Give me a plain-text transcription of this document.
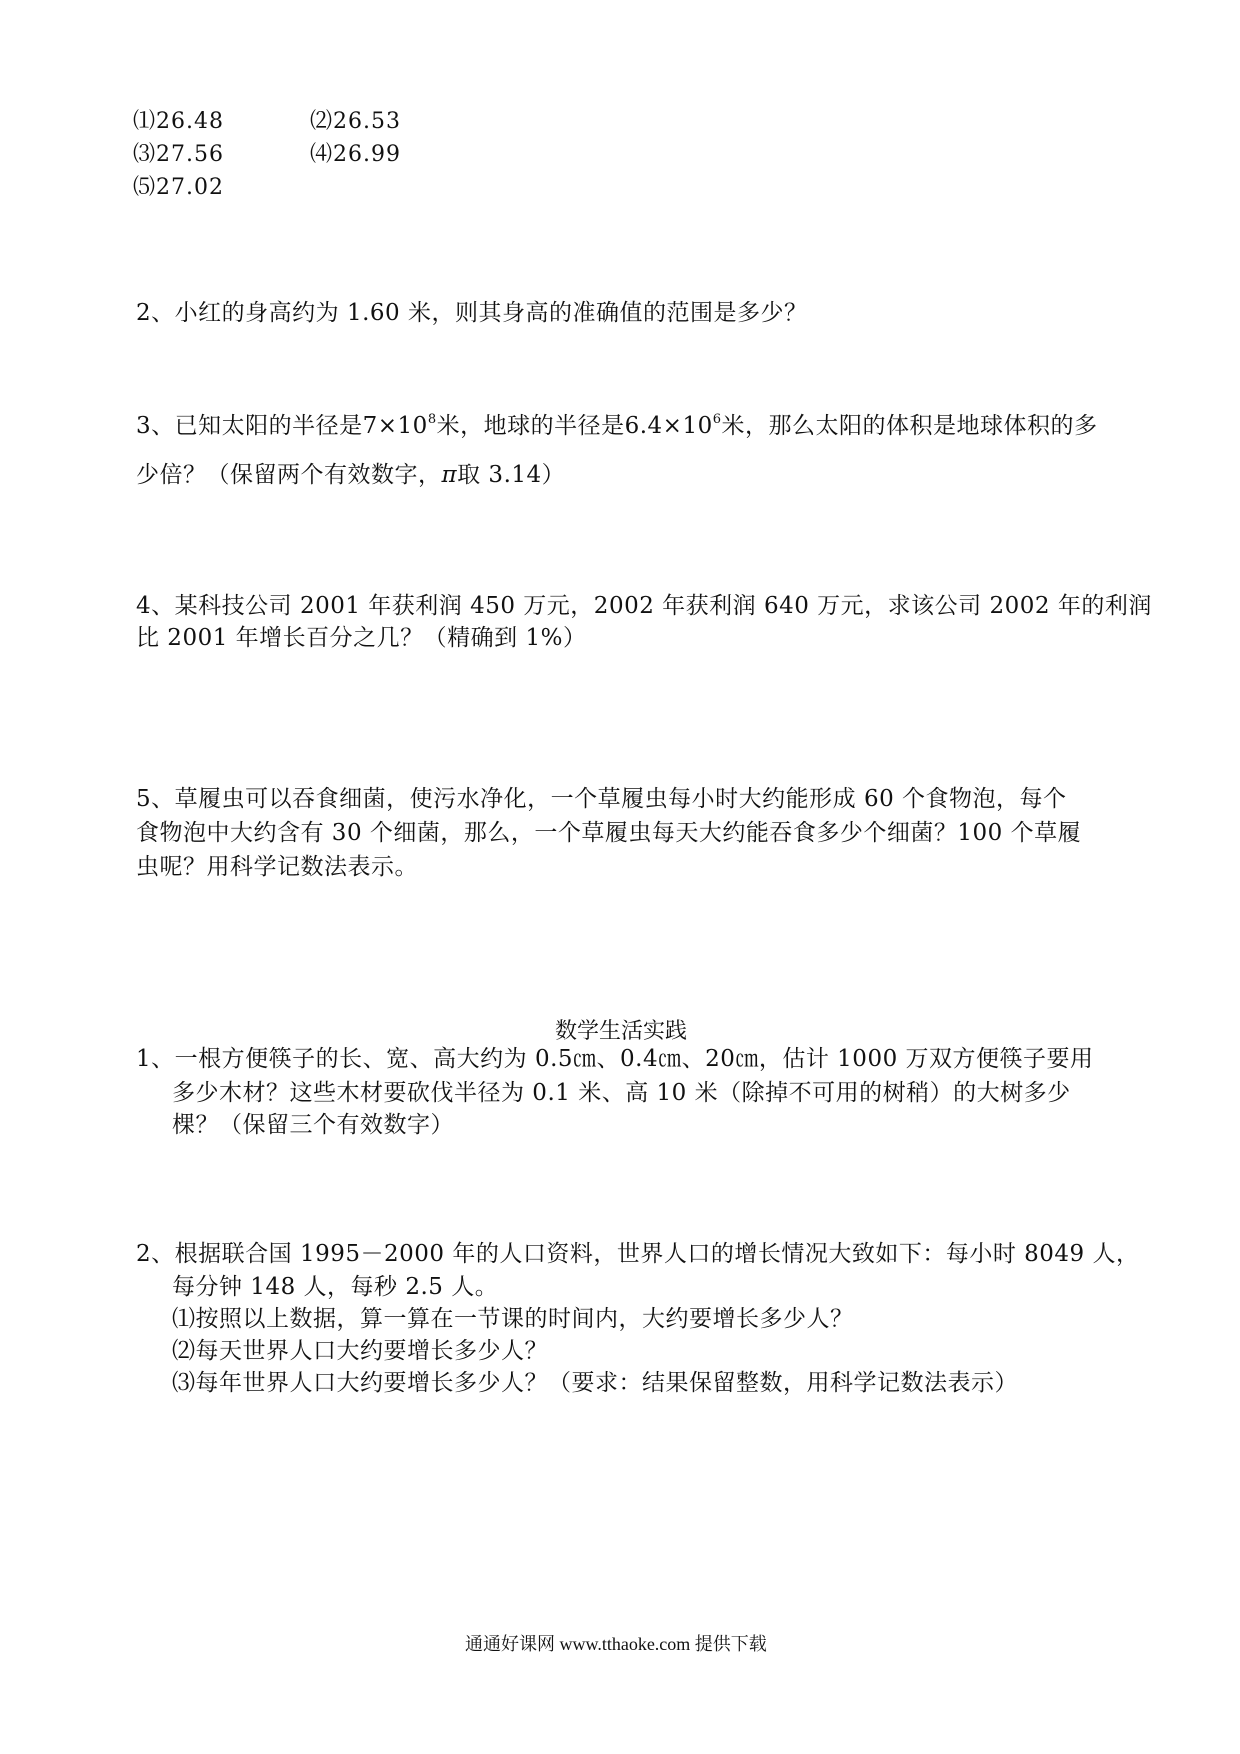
⑴26.48	⑵26.53
⑶27.56	⑷26.99
⑸27.02
2、小红的身高约为 1.60 米，则其身高的准确值的范围是多少？
3、已知太阳的半径是$7\times 10^8$米，地球的半径是$6.4\times 10^6$米，那么太阳的体积是地球体积的多
少倍？（保留两个有效数字，π取 3.14）
4、某科技公司 2001 年获利润 450 万元，2002 年获利润 640 万元，求该公司 2002 年的利润
比 2001 年增长百分之几？（精确到 1%）
5、草履虫可以吞食细菌，使污水净化，一个草履虫每小时大约能形成 60 个食物泡，每个
食物泡中大约含有 30 个细菌，那么，一个草履虫每天大约能吞食多少个细菌？100 个草履
虫呢？用科学记数法表示。
数学生活实践
1、一根方便筷子的长、宽、高大约为 0.5㎝、0.4㎝、20㎝，估计 1000 万双方便筷子要用
多少木材？这些木材要砍伐半径为 0.1 米、高 10 米（除掉不可用的树稍）的大树多少
棵？（保留三个有效数字）
2、根据联合国 1995－2000 年的人口资料，世界人口的增长情况大致如下：每小时 8049 人，
每分钟 148 人，每秒 2.5 人。
⑴按照以上数据，算一算在一节课的时间内，大约要增长多少人？
⑵每天世界人口大约要增长多少人？
⑶每年世界人口大约要增长多少人？（要求：结果保留整数，用科学记数法表示）
通通好课网 www.tthaoke.com 提供下载
